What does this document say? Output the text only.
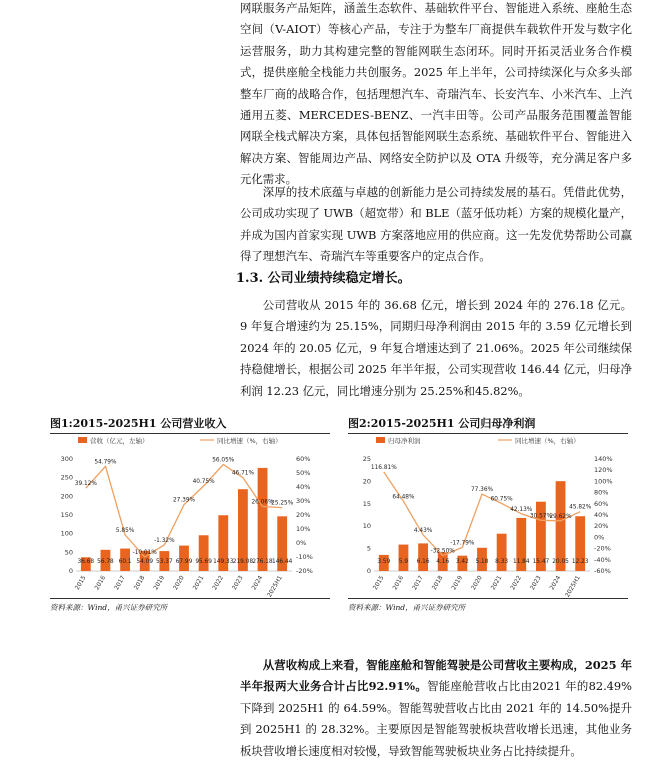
网联服务产品矩阵，涵盖生态软件、基础软件平台、智能进入系统、座舱生态空间（V-AIOT）等核心产品，专注于为整车厂商提供车载软件开发与数字化运营服务，助力其构建完整的智能网联生态闭环。同时开拓灵活业务合作模式，提供座舱全栈能力共创服务。2025 年上半年，公司持续深化与众多头部整车厂商的战略合作，包括理想汽车、奇瑞汽车、长安汽车、小米汽车、上汽通用五菱、MERCEDES-BENZ、一汽丰田等。公司产品服务范围覆盖智能网联全栈式解决方案，具体包括智能网联生态系统、基础软件平台、智能进入解决方案、智能周边产品、网络安全防护以及 OTA 升级等，充分满足客户多元化需求。

深厚的技术底蕴与卓越的创新能力是公司持续发展的基石。凭借此优势，公司成功实现了 UWB（超宽带）和 BLE（蓝牙低功耗）方案的规模化量产，并成为国内首家实现 UWB 方案落地应用的供应商。这一先发优势帮助公司赢得了理想汽车、奇瑞汽车等重要客户的定点合作。

1.3. 公司业绩持续稳定增长。

公司营收从 2015 年的 36.68 亿元，增长到 2024 年的 276.18 亿元。9 年复合增速约为 25.15%，同期归母净利润由 2015 年的 3.59 亿元增长到 2024 年的 20.05 亿元，9 年复合增速达到了 21.06%。2025 年公司继续保持稳健增长，根据公司 2025 年半年报，公司实现营收 146.44 亿元，归母净利润 12.23 亿元，同比增速分别为 25.25%和45.82%。

图1:2015-2025H1 公司营业收入
营收（亿元，左轴）	同比增速（%，右轴）
0
50
100
150
200
250
300
-20%
-10%
0%
10%
20%
30%
40%
50%
60%
36.68 56.78 60.1 54.09 53.37 67.99 95.69 149.33 219.08 276.18 146.44
39.12%
54.79%
5.85%
-10.01%
-1.32%
27.39%
40.75%
56.05%
46.71%
26.06%
25.25%
2015 2016 2017 2018 2019 2020 2021 2022 2023 2024 2025H1
资料来源：Wind，甬兴证券研究所
图2:2015-2025H1 公司归母净利润
归母净利润	同比增速（%，右轴）
0
5
10
15
20
25
-60%
-40%
-20%
0%
20%
40%
60%
80%
100%
120%
140%
3.59 5.9 6.16 4.16 3.42 5.18 8.33 11.84 15.47 20.05 12.23
116.81%
64.48%
4.43%
-32.50%
-17.79%
77.36%
60.75%
42.13%
30.57%
29.62%
45.82%
2015 2016 2017 2018 2019 2020 2021 2022 2023 2024 2025H1
资料来源：Wind，甬兴证券研究所

从营收构成上来看，智能座舱和智能驾驶是公司营收主要构成，2025 年半年报两大业务合计占比92.91%。智能座舱营收占比由2021 年的82.49%下降到 2025H1 的 64.59%。智能驾驶营收占比由 2021 年的 14.50%提升到 2025H1 的 28.32%。主要原因是智能驾驶板块营收增长迅速，其他业务板块营收增长速度相对较慢，导致智能驾驶板块业务占比持续提升。
